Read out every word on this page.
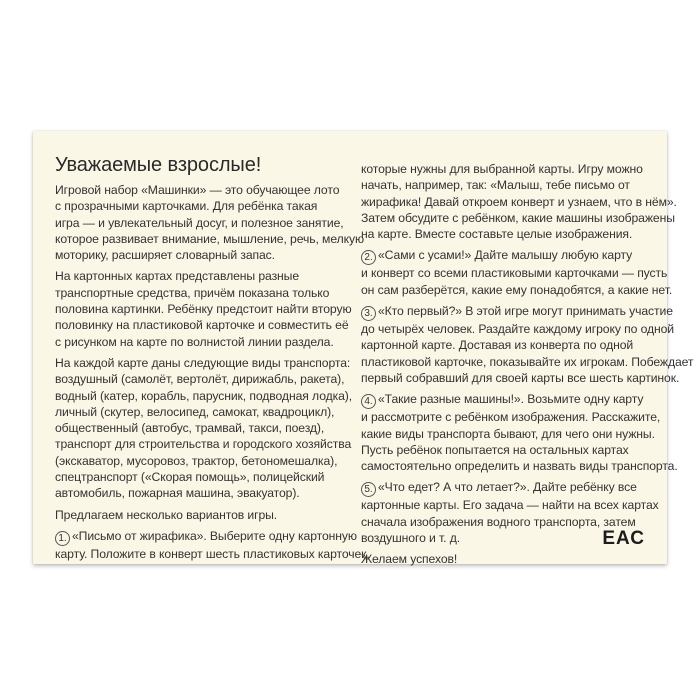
Уважаемые взрослые!
Игровой набор «Машинки» — это обучающее лото
с прозрачными карточками. Для ребёнка такая
игра — и увлекательный досуг, и полезное занятие,
которое развивает внимание, мышление, речь, мелкую
моторику, расширяет словарный запас.
На картонных картах представлены разные
транспортные средства, причём показана только
половина картинки. Ребёнку предстоит найти вторую
половинку на пластиковой карточке и совместить её
с рисунком на карте по волнистой линии раздела.
На каждой карте даны следующие виды транспорта:
воздушный (самолёт, вертолёт, дирижабль, ракета),
водный (катер, корабль, парусник, подводная лодка),
личный (скутер, велосипед, самокат, квадроцикл),
общественный (автобус, трамвай, такси, поезд),
транспорт для строительства и городского хозяйства
(экскаватор, мусоровоз, трактор, бетономешалка),
спецтранспорт («Скорая помощь», полицейский
автомобиль, пожарная машина, эвакуатор).
Предлагаем несколько вариантов игры.
1. «Письмо от жирафика». Выберите одну картонную
карту. Положите в конверт шесть пластиковых карточек,
которые нужны для выбранной карты. Игру можно
начать, например, так: «Малыш, тебе письмо от
жирафика! Давай откроем конверт и узнаем, что в нём».
Затем обсудите с ребёнком, какие машины изображены
на карте. Вместе составьте целые изображения.
2. «Сами с усами!» Дайте малышу любую карту
и конверт со всеми пластиковыми карточками — пусть
он сам разберётся, какие ему понадобятся, а какие нет.
3. «Кто первый?» В этой игре могут принимать участие
до четырёх человек. Раздайте каждому игроку по одной
картонной карте. Доставая из конверта по одной
пластиковой карточке, показывайте их игрокам. Побеждает
первый собравший для своей карты все шесть картинок.
4. «Такие разные машины!». Возьмите одну карту
и рассмотрите с ребёнком изображения. Расскажите,
какие виды транспорта бывают, для чего они нужны.
Пусть ребёнок попытается на остальных картах
самостоятельно определить и назвать виды транспорта.
5. «Что едет? А что летает?». Дайте ребёнку все
картонные карты. Его задача — найти на всех картах
сначала изображения водного транспорта, затем
воздушного и т. д.
Желаем успехов!
ЕАС
